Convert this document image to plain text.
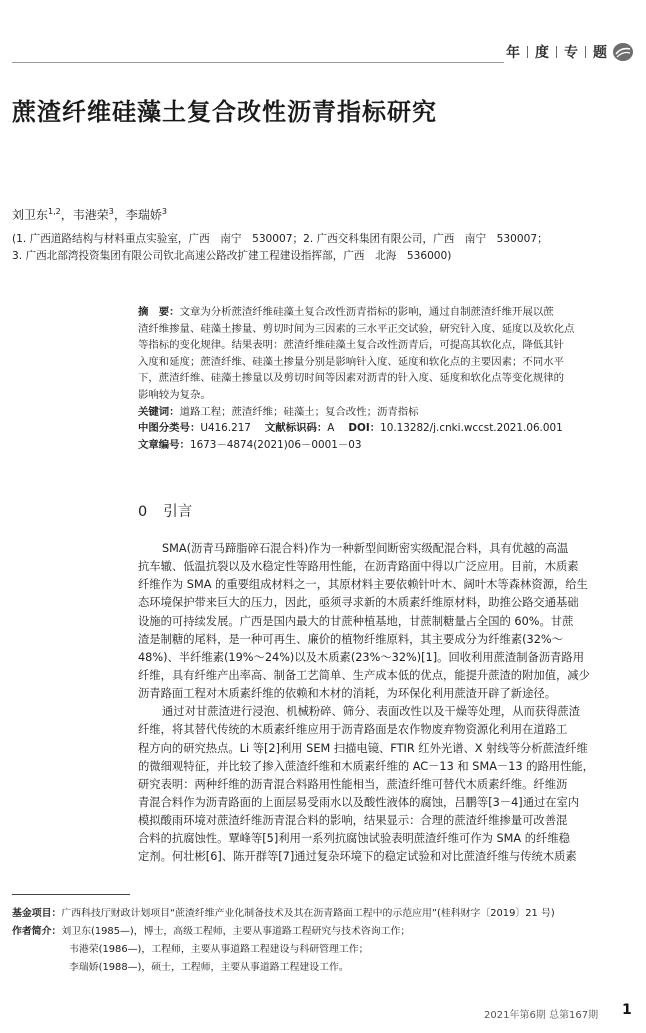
年 度 专 题
蔗渣纤维硅藻土复合改性沥青指标研究
刘卫东$^{1,2}$，韦港荣$^3$，李瑞娇$^3$
(1. 广西道路结构与材料重点实验室，广西　南宁　530007；2. 广西交科集团有限公司，广西　南宁　530007；
3. 广西北部湾投资集团有限公司钦北高速公路改扩建工程建设指挥部，广西　北海　536000)
摘　要：文章为分析蔗渣纤维硅藻土复合改性沥青指标的影响，通过自制蔗渣纤维开展以蔗
渣纤维掺量、硅藻土掺量、剪切时间为三因素的三水平正交试验，研究针入度、延度以及软化点
等指标的变化规律。结果表明：蔗渣纤维硅藻土复合改性沥青后，可提高其软化点，降低其针
入度和延度；蔗渣纤维、硅藻土掺量分别是影响针入度、延度和软化点的主要因素；不同水平
下，蔗渣纤维、硅藻土掺量以及剪切时间等因素对沥青的针入度、延度和软化点等变化规律的
影响较为复杂。
关键词：道路工程；蔗渣纤维；硅藻土；复合改性；沥青指标
中图分类号：U416.217 文献标识码：A DOI：10.13282/j.cnki.wccst.2021.06.001
文章编号：1673－4874(2021)06－0001－03
0 引言
SMA(沥青马蹄脂碎石混合料)作为一种新型间断密实级配混合料，具有优越的高温
抗车辙、低温抗裂以及水稳定性等路用性能，在沥青路面中得以广泛应用。目前，木质素
纤维作为 SMA 的重要组成材料之一，其原材料主要依赖针叶木、阔叶木等森林资源，给生
态环境保护带来巨大的压力，因此，亟须寻求新的木质素纤维原材料，助推公路交通基础
设施的可持续发展。广西是国内最大的甘蔗种植基地，甘蔗制糖量占全国的 60%。甘蔗
渣是制糖的尾料，是一种可再生、廉价的植物纤维原料，其主要成分为纤维素(32%～
48%)、半纤维素(19%～24%)以及木质素(23%～32%)[1]。回收利用蔗渣制备沥青路用
纤维，具有纤维产出率高、制备工艺简单、生产成本低的优点，能提升蔗渣的附加值，减少
沥青路面工程对木质素纤维的依赖和木材的消耗，为环保化利用蔗渣开辟了新途径。
通过对甘蔗渣进行浸泡、机械粉碎、筛分、表面改性以及干燥等处理，从而获得蔗渣
纤维，将其替代传统的木质素纤维应用于沥青路面是农作物废弃物资源化利用在道路工
程方向的研究热点。Li 等[2]利用 SEM 扫描电镜、FTIR 红外光谱、X 射线等分析蔗渣纤维
的微细观特征，并比较了掺入蔗渣纤维和木质素纤维的 AC－13 和 SMA－13 的路用性能，
研究表明：两种纤维的沥青混合料路用性能相当，蔗渣纤维可替代木质素纤维。纤维沥
青混合料作为沥青路面的上面层易受雨水以及酸性液体的腐蚀，吕鹏等[3－4]通过在室内
模拟酸雨环境对蔗渣纤维沥青混合料的影响，结果显示：合理的蔗渣纤维掺量可改善混
合料的抗腐蚀性。覃峰等[5]利用一系列抗腐蚀试验表明蔗渣纤维可作为 SMA 的纤维稳
定剂。何壮彬[6]、陈开群等[7]通过复杂环境下的稳定试验和对比蔗渣纤维与传统木质素
基金项目：广西科技厅财政计划项目“蔗渣纤维产业化制备技术及其在沥青路面工程中的示范应用”(桂科财字〔2019〕21 号)
作者简介：刘卫东(1985—)，博士，高级工程师，主要从事道路工程研究与技术咨询工作；
韦港荣(1986—)，工程师，主要从事道路工程建设与科研管理工作；
李瑞娇(1988—)，硕士，工程师，主要从事道路工程建设工作。
2021年第6期 总第167期 1
